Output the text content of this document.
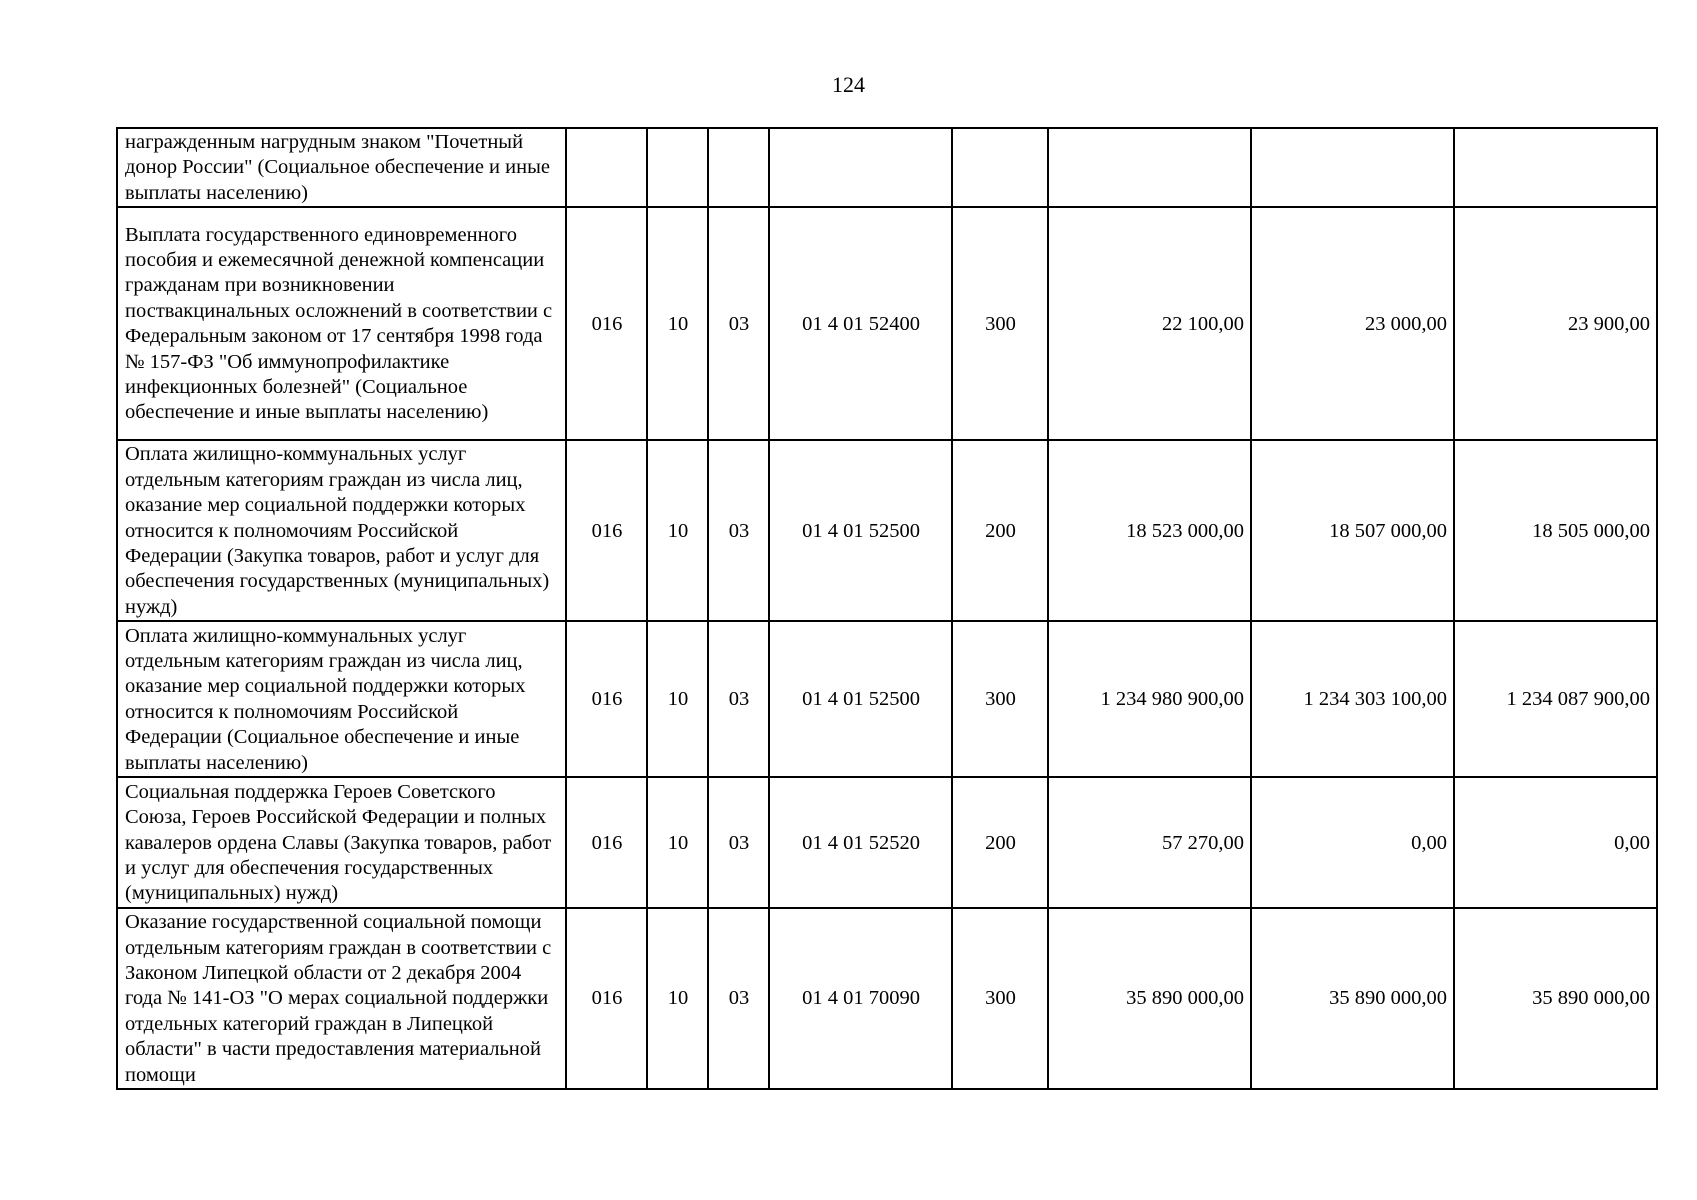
124
награжденным нагрудным знаком "Почетный донор России" (Социальное обеспечение и иные выплаты населению)								
Выплата государственного единовременного пособия и ежемесячной денежной компенсации гражданам при возникновении поствакцинальных осложнений в соответствии с Федеральным законом от 17 сентября 1998 года № 157-ФЗ "Об иммунопрофилактике инфекционных болезней" (Социальное обеспечение и иные выплаты населению)	016	10	03	01 4 01 52400	300	22 100,00	23 000,00	23 900,00
Оплата жилищно-коммунальных услуг отдельным категориям граждан из числа лиц, оказание мер социальной поддержки которых относится к полномочиям Российской Федерации (Закупка товаров, работ и услуг для обеспечения государственных (муниципальных) нужд)	016	10	03	01 4 01 52500	200	18 523 000,00	18 507 000,00	18 505 000,00
Оплата жилищно-коммунальных услуг отдельным категориям граждан из числа лиц, оказание мер социальной поддержки которых относится к полномочиям Российской Федерации (Социальное обеспечение и иные выплаты населению)	016	10	03	01 4 01 52500	300	1 234 980 900,00	1 234 303 100,00	1 234 087 900,00
Социальная поддержка Героев Советского Союза, Героев Российской Федерации и полных кавалеров ордена Славы (Закупка товаров, работ и услуг для обеспечения государственных (муниципальных) нужд)	016	10	03	01 4 01 52520	200	57 270,00	0,00	0,00
Оказание государственной социальной помощи отдельным категориям граждан в соответствии с Законом Липецкой области от 2 декабря 2004 года № 141-ОЗ "О мерах социальной поддержки отдельных категорий граждан в Липецкой области" в части предоставления материальной помощи	016	10	03	01 4 01 70090	300	35 890 000,00	35 890 000,00	35 890 000,00
